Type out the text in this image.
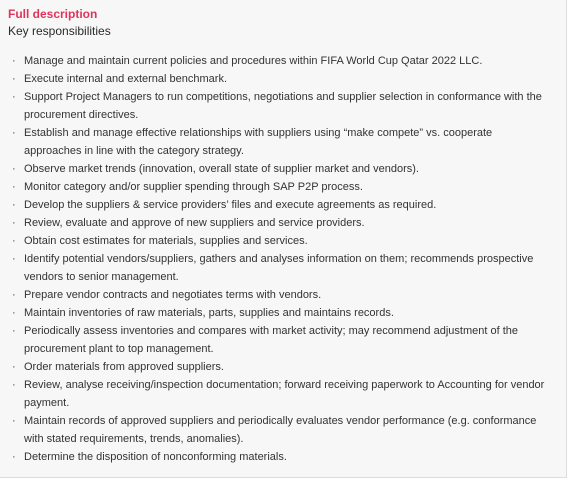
Full description
Key responsibilities
· Manage and maintain current policies and procedures within FIFA World Cup Qatar 2022 LLC.
· Execute internal and external benchmark.
· Support Project Managers to run competitions, negotiations and supplier selection in conformance with the procurement directives.
· Establish and manage effective relationships with suppliers using “make compete” vs. cooperate approaches in line with the category strategy.
· Observe market trends (innovation, overall state of supplier market and vendors).
· Monitor category and/or supplier spending through SAP P2P process.
· Develop the suppliers & service providers’ files and execute agreements as required.
· Review, evaluate and approve of new suppliers and service providers.
· Obtain cost estimates for materials, supplies and services.
· Identify potential vendors/suppliers, gathers and analyses information on them; recommends prospective vendors to senior management.
· Prepare vendor contracts and negotiates terms with vendors.
· Maintain inventories of raw materials, parts, supplies and maintains records.
· Periodically assess inventories and compares with market activity; may recommend adjustment of the procurement plant to top management.
· Order materials from approved suppliers.
· Review, analyse receiving/inspection documentation; forward receiving paperwork to Accounting for vendor payment.
· Maintain records of approved suppliers and periodically evaluates vendor performance (e.g. conformance with stated requirements, trends, anomalies).
· Determine the disposition of nonconforming materials.
